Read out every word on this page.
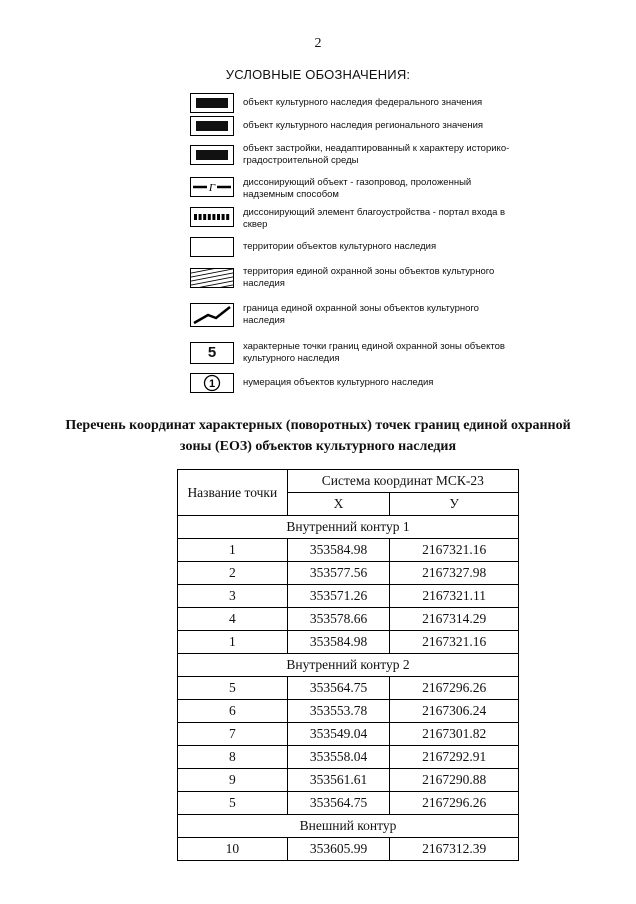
2
УСЛОВНЫЕ ОБОЗНАЧЕНИЯ:
объект культурного наследия федерального значения
объект культурного наследия регионального значения
объект застройки, неадаптированный к характеру историко-градостроительной среды
Г	диссонирующий объект - газопровод, проложенный надземным способом
диссонирующий элемент благоустройства - портал входа в сквер
территории объектов культурного наследия
территория единой охранной зоны объектов культурного наследия
граница единой охранной зоны объектов культурного наследия
5	характерные точки границ единой охранной зоны объектов культурного наследия
1	нумерация объектов культурного наследия
Перечень координат характерных (поворотных) точек границ единой охранной зоны (ЕОЗ) объектов культурного наследия
Название точки	Система координат МСК-23	
	X	У
Внутренний контур 1		
1	353584.98	2167321.16
2	353577.56	2167327.98
3	353571.26	2167321.11
4	353578.66	2167314.29
1	353584.98	2167321.16
Внутренний контур 2		
5	353564.75	2167296.26
6	353553.78	2167306.24
7	353549.04	2167301.82
8	353558.04	2167292.91
9	353561.61	2167290.88
5	353564.75	2167296.26
Внешний контур		
10	353605.99	2167312.39
